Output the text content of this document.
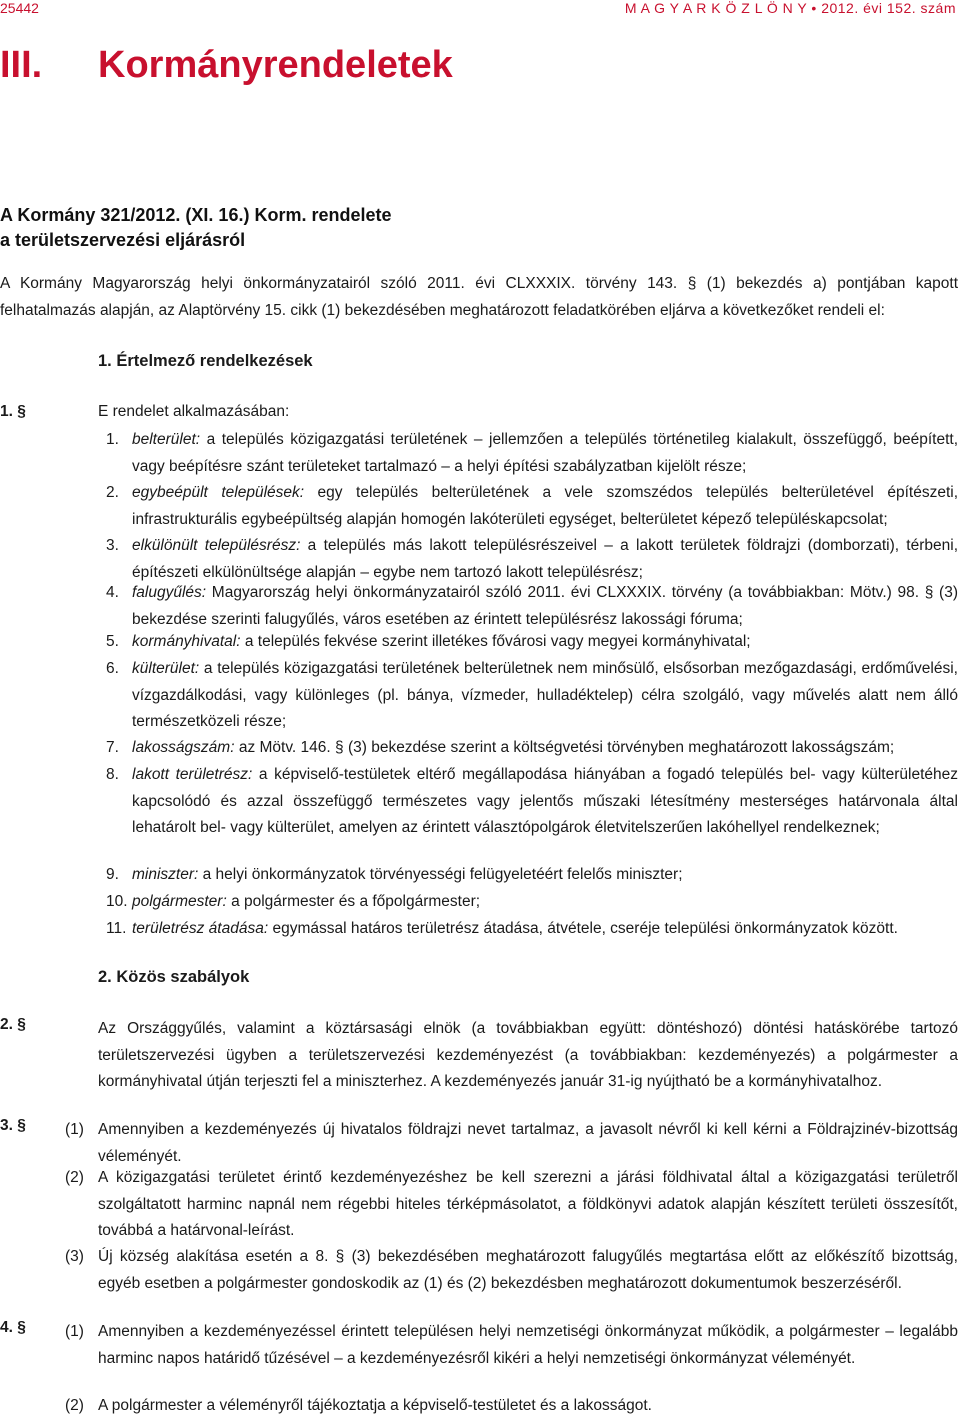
25442	M A G Y A R K Ö Z L Ö N Y • 2012. évi 152. szám
III. Kormányrendeletek
A Kormány 321/2012. (XI. 16.) Korm. rendelete
a területszervezési eljárásról
A Kormány Magyarország helyi önkormányzatairól szóló 2011. évi CLXXXIX. törvény 143. § (1) bekezdés a) pontjában kapott felhatalmazás alapján, az Alaptörvény 15. cikk (1) bekezdésében meghatározott feladatkörében eljárva a következőket rendeli el:
1. Értelmező rendelkezések
1. §	E rendelet alkalmazásában:
1. belterület: a település közigazgatási területének – jellemzően a település történetileg kialakult, összefüggő, beépített, vagy beépítésre szánt területeket tartalmazó – a helyi építési szabályzatban kijelölt része;
2. egybeépült települések: egy település belterületének a vele szomszédos település belterületével építészeti, infrastrukturális egybeépültség alapján homogén lakóterületi egységet, belterületet képező településkapcsolat;
3. elkülönült településrész: a település más lakott településrészeivel – a lakott területek földrajzi (domborzati), térbeni, építészeti elkülönültsége alapján – egybe nem tartozó lakott településrész;
4. falugyűlés: Magyarország helyi önkormányzatairól szóló 2011. évi CLXXXIX. törvény (a továbbiakban: Mötv.) 98. § (3) bekezdése szerinti falugyűlés, város esetében az érintett településrész lakossági fóruma;
5. kormányhivatal: a település fekvése szerint illetékes fővárosi vagy megyei kormányhivatal;
6. külterület: a település közigazgatási területének belterületnek nem minősülő, elsősorban mezőgazdasági, erdőművelési, vízgazdálkodási, vagy különleges (pl. bánya, vízmeder, hulladéktelep) célra szolgáló, vagy művelés alatt nem álló természetközeli része;
7. lakosságszám: az Mötv. 146. § (3) bekezdése szerint a költségvetési törvényben meghatározott lakosságszám;
8. lakott területrész: a képviselő-testületek eltérő megállapodása hiányában a fogadó település bel- vagy külterületéhez kapcsolódó és azzal összefüggő természetes vagy jelentős műszaki létesítmény mesterséges határvonala által lehatárolt bel- vagy külterület, amelyen az érintett választópolgárok életvitelszerűen lakóhellyel rendelkeznek;
9. miniszter: a helyi önkormányzatok törvényességi felügyeletéért felelős miniszter;
10. polgármester: a polgármester és a főpolgármester;
11. területrész átadása: egymással határos területrész átadása, átvétele, cseréje települési önkormányzatok között.
2. Közös szabályok
2. §	Az Országgyűlés, valamint a köztársasági elnök (a továbbiakban együtt: döntéshozó) döntési hatáskörébe tartozó területszervezési ügyben a területszervezési kezdeményezést (a továbbiakban: kezdeményezés) a polgármester a kormányhivatal útján terjeszti fel a miniszterhez. A kezdeményezés január 31-ig nyújtható be a kormányhivatalhoz.
3. §	(1) Amennyiben a kezdeményezés új hivatalos földrajzi nevet tartalmaz, a javasolt névről ki kell kérni a Földrajzinév-bizottság véleményét.
(2) A közigazgatási területet érintő kezdeményezéshez be kell szerezni a járási földhivatal által a közigazgatási területről szolgáltatott harminc napnál nem régebbi hiteles térképmásolatot, a földkönyvi adatok alapján készített területi összesítőt, továbbá a határvonal-leírást.
(3) Új község alakítása esetén a 8. § (3) bekezdésében meghatározott falugyűlés megtartása előtt az előkészítő bizottság, egyéb esetben a polgármester gondoskodik az (1) és (2) bekezdésben meghatározott dokumentumok beszerzéséről.
4. §	(1) Amennyiben a kezdeményezéssel érintett településen helyi nemzetiségi önkormányzat működik, a polgármester – legalább harminc napos határidő tűzésével – a kezdeményezésről kikéri a helyi nemzetiségi önkormányzat véleményét.
(2) A polgármester a véleményről tájékoztatja a képviselő-testületet és a lakosságot.
